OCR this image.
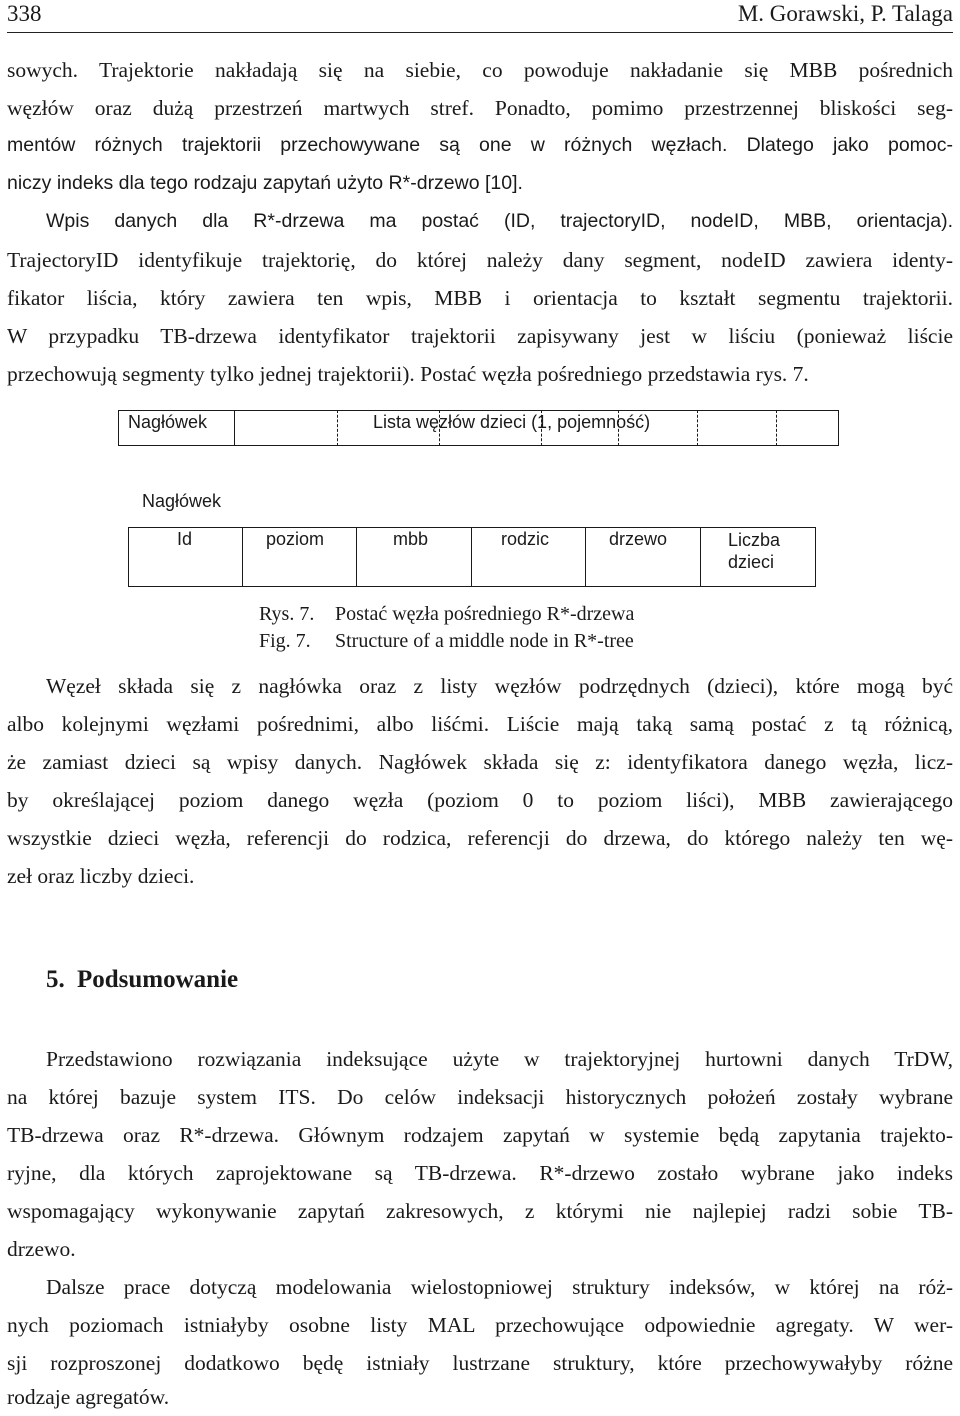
338	M. Gorawski, P. Talaga

sowych. Trajektorie nakładają się na siebie, co powoduje nakładanie się MBB pośrednich

węzłów oraz dużą przestrzeń martwych stref. Ponadto, pomimo przestrzennej bliskości seg-

mentów różnych trajektorii przechowywane są one w różnych węzłach. Dlatego jako pomoc-

niczy indeks dla tego rodzaju zapytań użyto R*-drzewo [10].

Wpis danych dla R*-drzewa ma postać (ID, trajectoryID, nodeID, MBB, orientacja).

TrajectoryID identyfikuje trajektorię, do której należy dany segment, nodeID zawiera identy-

fikator liścia, który zawiera ten wpis, MBB i orientacja to kształt segmentu trajektorii.

W przypadku TB-drzewa identyfikator trajektorii zapisywany jest w liściu (ponieważ liście

przechowują segmenty tylko jednej trajektorii). Postać węzła pośredniego przedstawia rys. 7.

Nagłówek	Lista węzłów dzieci (1, pojemność)
Nagłówek
Id	poziom	mbb	rodzic	drzewo	Liczba dzieci
Rys. 7. Postać węzła pośredniego R*-drzewa
Fig. 7. Structure of a middle node in R*-tree

Węzeł składa się z nagłówka oraz z listy węzłów podrzędnych (dzieci), które mogą być

albo kolejnymi węzłami pośrednimi, albo liśćmi. Liście mają taką samą postać z tą różnicą,

że zamiast dzieci są wpisy danych. Nagłówek składa się z: identyfikatora danego węzła, licz-

by określającej poziom danego węzła (poziom 0 to poziom liści), MBB zawierającego

wszystkie dzieci węzła, referencji do rodzica, referencji do drzewa, do którego należy ten wę-

zeł oraz liczby dzieci.

5. Podsumowanie

Przedstawiono rozwiązania indeksujące użyte w trajektoryjnej hurtowni danych TrDW,

na której bazuje system ITS. Do celów indeksacji historycznych położeń zostały wybrane

TB-drzewa oraz R*-drzewa. Głównym rodzajem zapytań w systemie będą zapytania trajekto-

ryjne, dla których zaprojektowane są TB-drzewa. R*-drzewo zostało wybrane jako indeks

wspomagający wykonywanie zapytań zakresowych, z którymi nie najlepiej radzi sobie TB-

drzewo.

Dalsze prace dotyczą modelowania wielostopniowej struktury indeksów, w której na róż-

nych poziomach istniałyby osobne listy MAL przechowujące odpowiednie agregaty. W wer-

sji rozproszonej dodatkowo będę istniały lustrzane struktury, które przechowywałyby różne

rodzaje agregatów.
